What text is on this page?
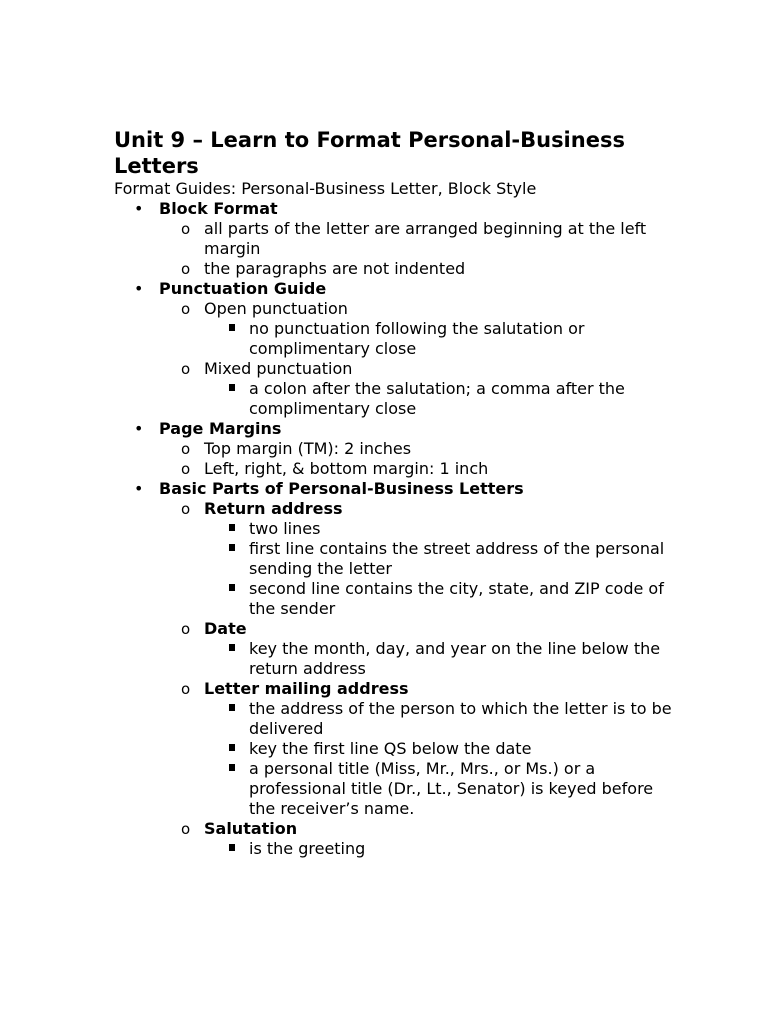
Unit 9 – Learn to Format Personal-Business Letters
Format Guides: Personal-Business Letter, Block Style
• Block Format
o all parts of the letter are arranged beginning at the left margin
o the paragraphs are not indented
• Punctuation Guide
o Open punctuation
no punctuation following the salutation or complimentary close
o Mixed punctuation
a colon after the salutation; a comma after the complimentary close
• Page Margins
o Top margin (TM): 2 inches
o Left, right, & bottom margin: 1 inch
• Basic Parts of Personal-Business Letters
o Return address
two lines
first line contains the street address of the personal sending the letter
second line contains the city, state, and ZIP code of the sender
o Date
key the month, day, and year on the line below the return address
o Letter mailing address
the address of the person to which the letter is to be delivered
key the first line QS below the date
a personal title (Miss, Mr., Mrs., or Ms.) or a professional title (Dr., Lt., Senator) is keyed before the receiver’s name.
o Salutation
is the greeting
